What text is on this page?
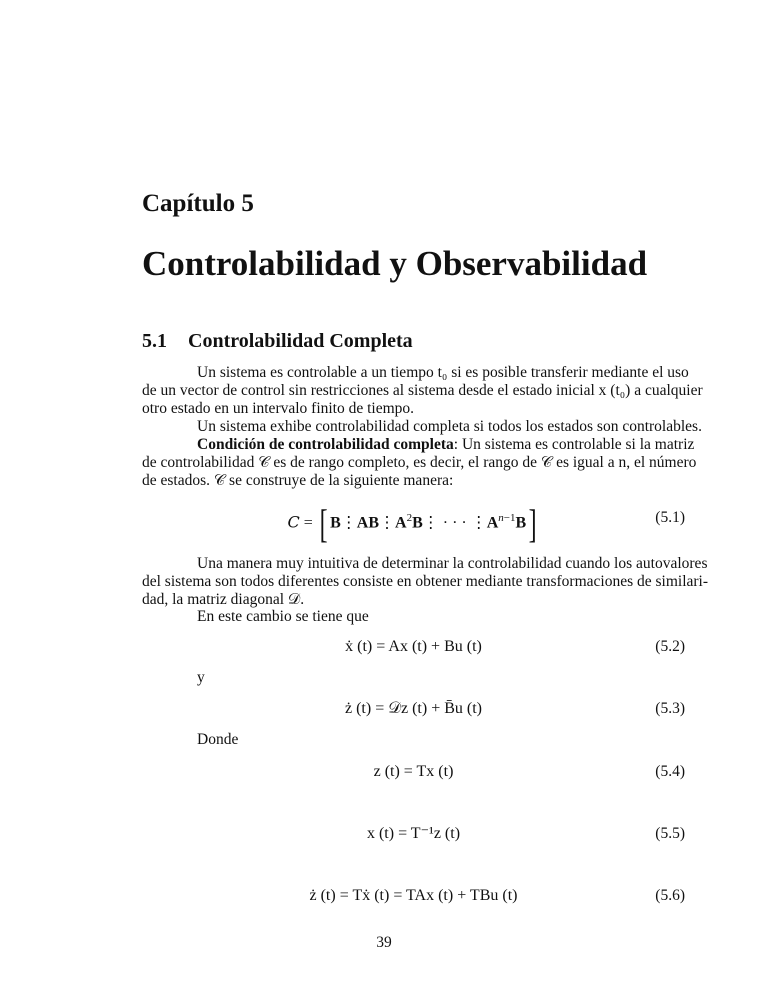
Capítulo 5
Controlabilidad y Observabilidad
5.1 Controlabilidad Completa
Un sistema es controlable a un tiempo t₀ si es posible transferir mediante el uso
de un vector de control sin restricciones al sistema desde el estado inicial x (t₀) a cualquier
otro estado en un intervalo finito de tiempo.
Un sistema exhibe controlabilidad completa si todos los estados son controlables.
Condición de controlabilidad completa: Un sistema es controlable si la matriz
de controlabilidad 𝒞 es de rango completo, es decir, el rango de 𝒞 es igual a n, el número
de estados. 𝒞 se construye de la siguiente manera:
C = [ $B⋮AB⋮A^2B⋮$ · · · $⋮A^{n-1}B$]	(5.1)
Una manera muy intuitiva de determinar la controlabilidad cuando los autovalores
del sistema son todos diferentes consiste en obtener mediante transformaciones de similari-
dad, la matriz diagonal 𝒟.
En este cambio se tiene que
ẋ (t) = Ax (t) + Bu (t)	(5.2)
y
ż (t) = 𝒟z (t) + B̄u (t)	(5.3)
Donde
z (t) = Tx (t)	(5.4)
x (t) = T⁻¹z (t)	(5.5)
ż (t) = Tẋ (t) = TAx (t) + TBu (t)	(5.6)
39
